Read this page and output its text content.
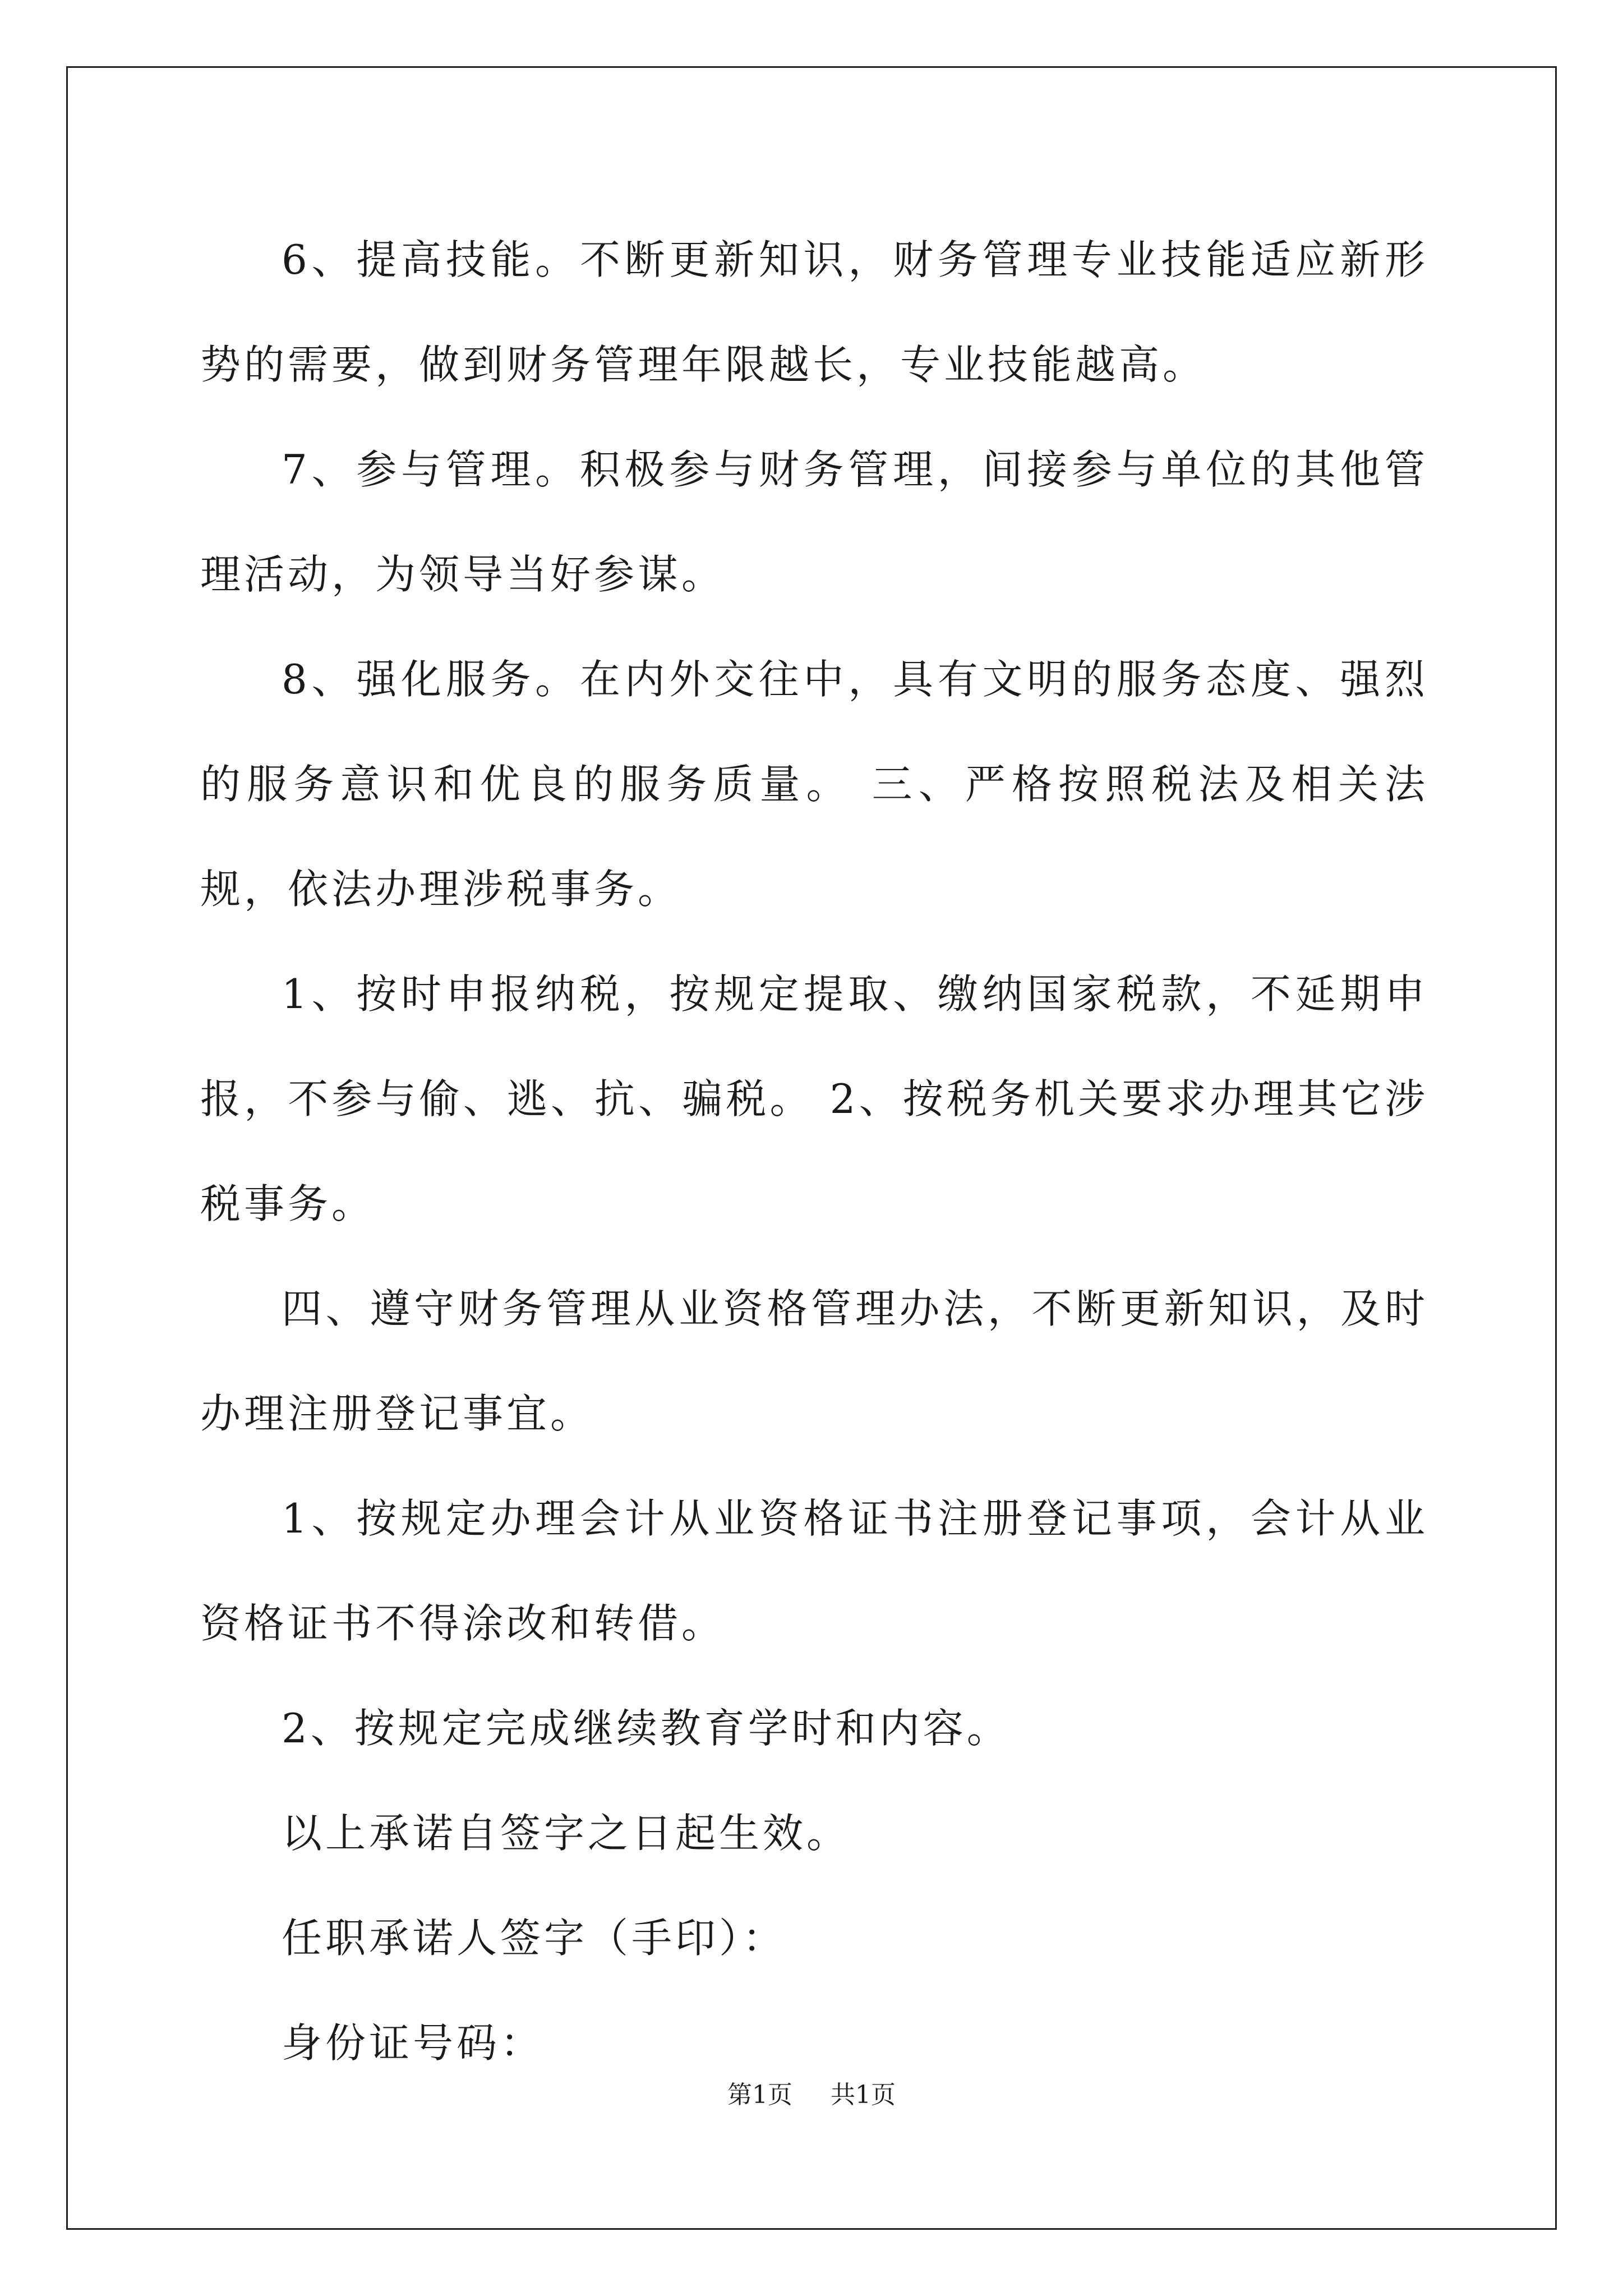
6、提高技能。不断更新知识，财务管理专业技能适应新形势的需要，做到财务管理年限越长，专业技能越高。

7、参与管理。积极参与财务管理，间接参与单位的其他管理活动，为领导当好参谋。

8、强化服务。在内外交往中，具有文明的服务态度、强烈的服务意识和优良的服务质量。 三、严格按照税法及相关法规，依法办理涉税事务。

1、按时申报纳税，按规定提取、缴纳国家税款，不延期申报，不参与偷、逃、抗、骗税。 2、按税务机关要求办理其它涉税事务。

四、遵守财务管理从业资格管理办法，不断更新知识，及时办理注册登记事宜。

1、按规定办理会计从业资格证书注册登记事项，会计从业资格证书不得涂改和转借。

2、按规定完成继续教育学时和内容。

以上承诺自签字之日起生效。

任职承诺人签字（手印）：

身份证号码：

第1页 共1页
